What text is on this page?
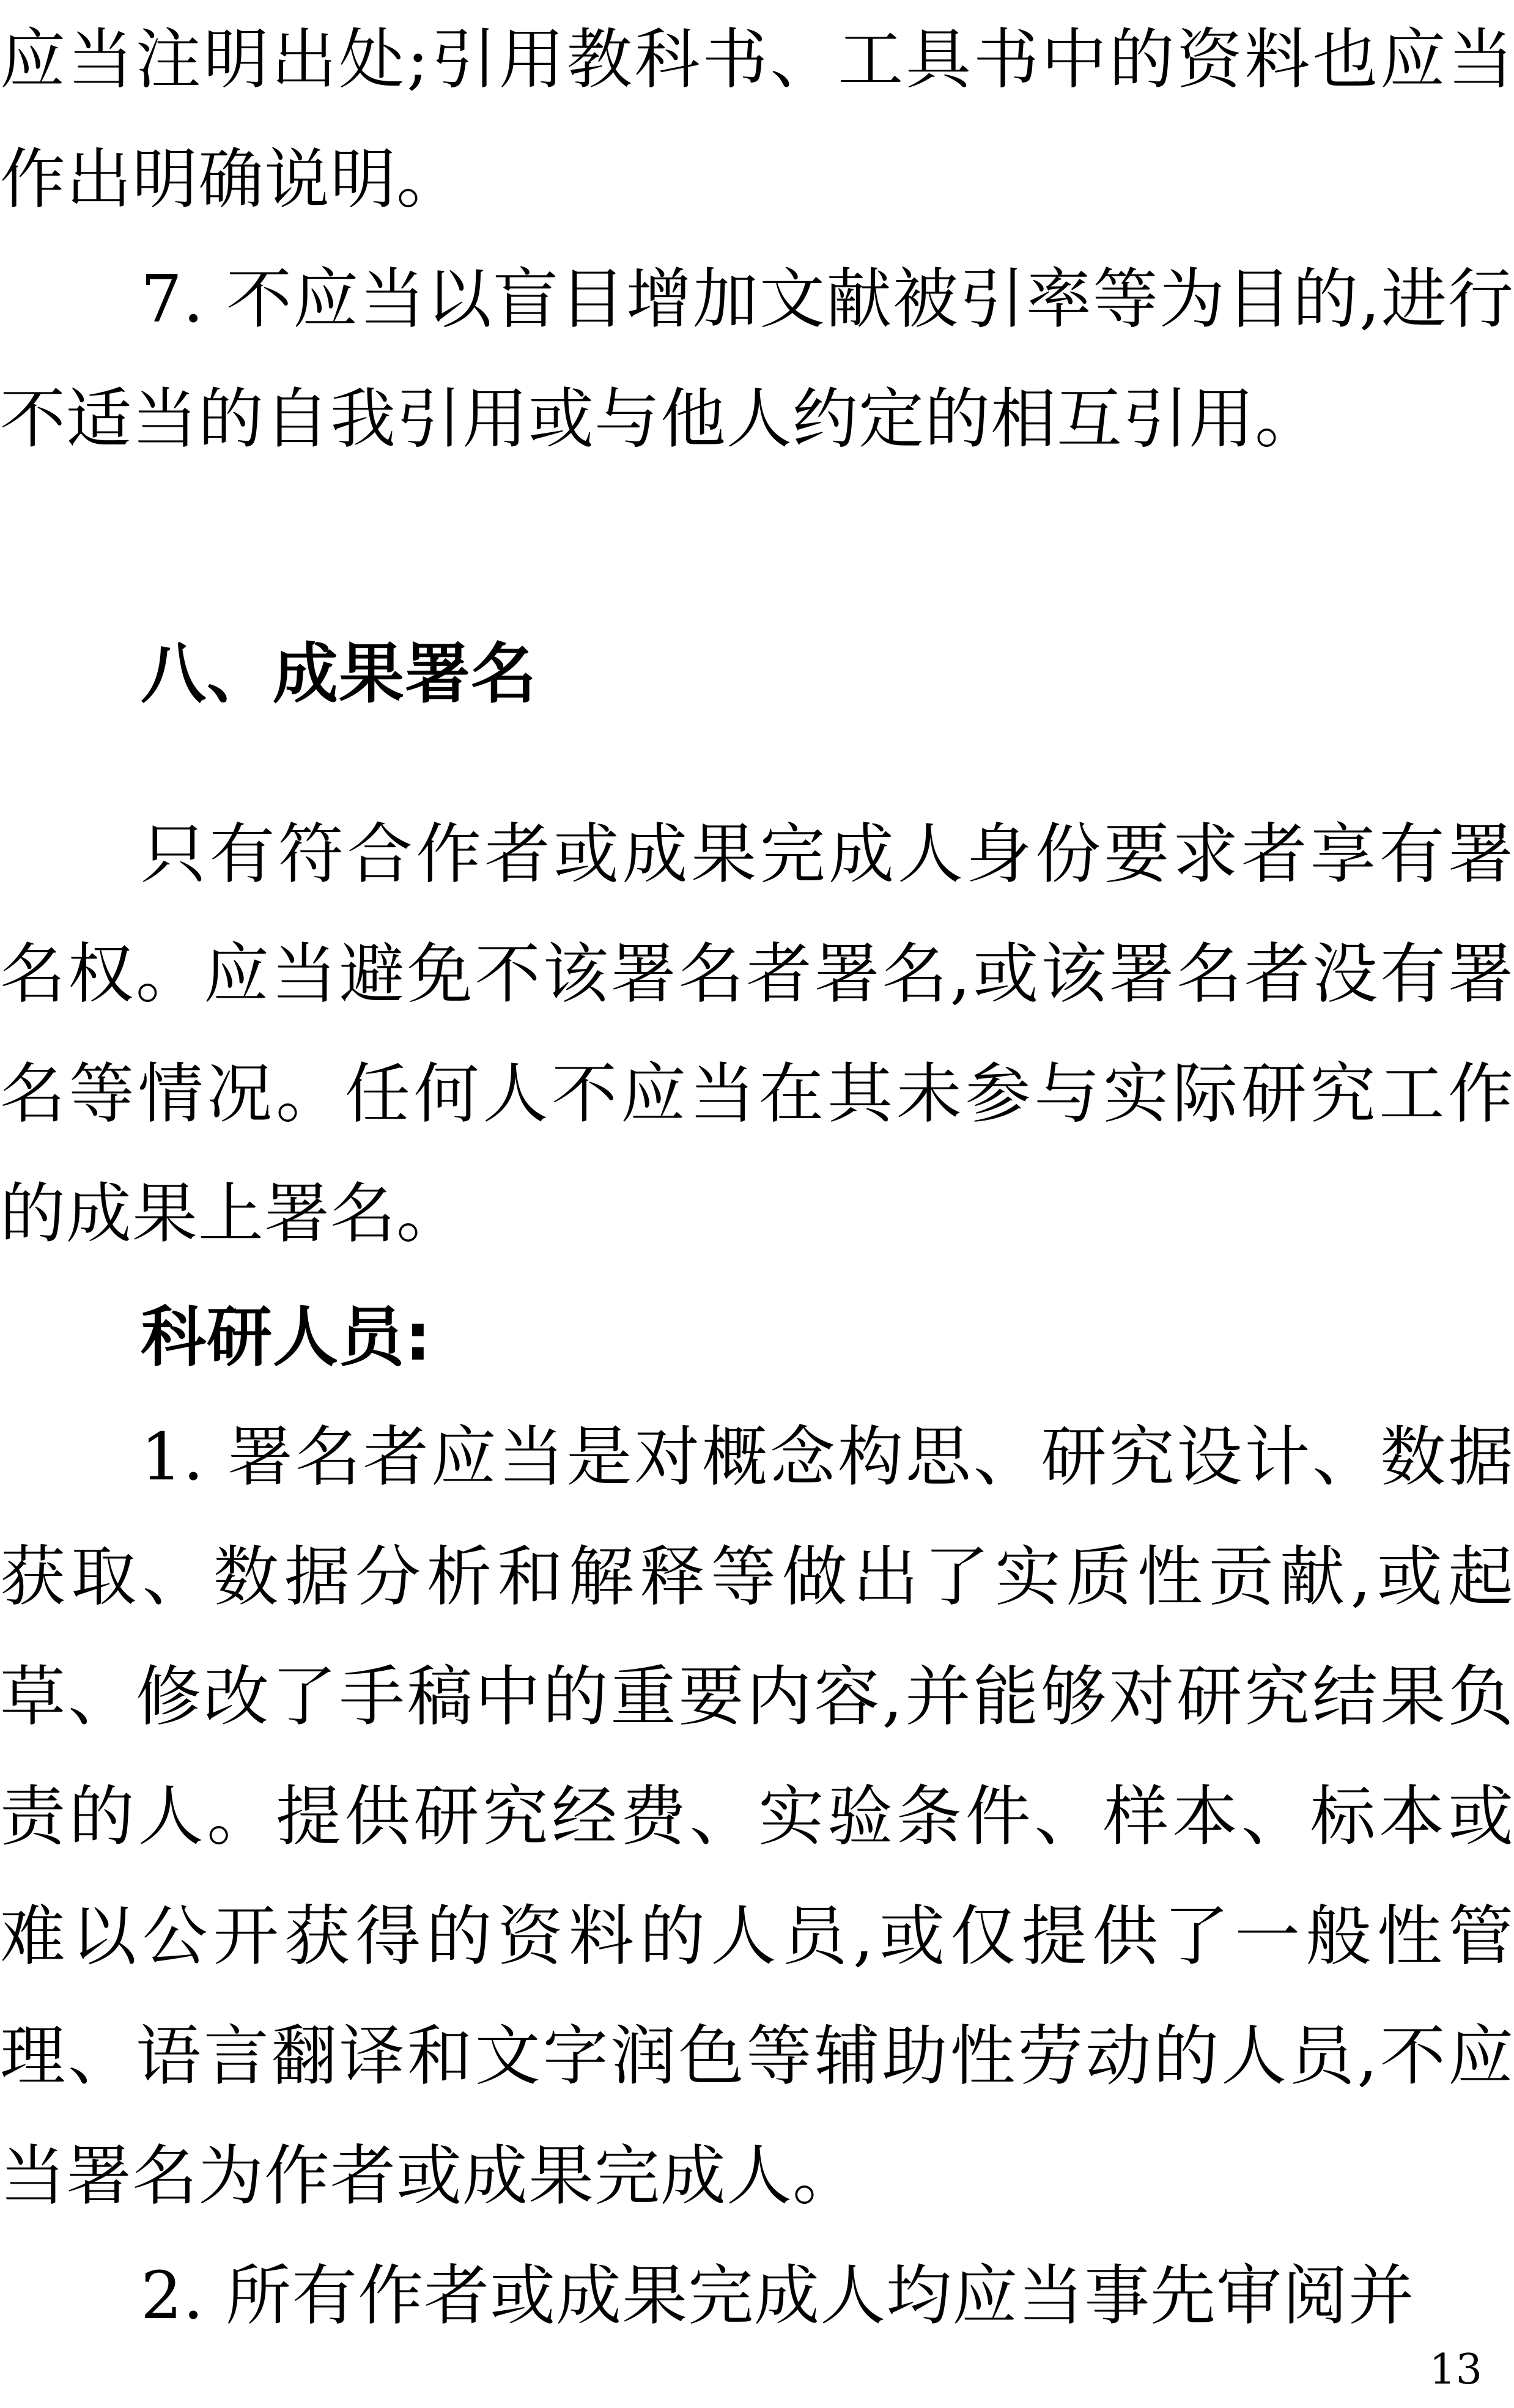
应当注明出处;引用教科书、工具书中的资料也应当作出明确说明。

7. 不应当以盲目增加文献被引率等为目的,进行不适当的自我引用或与他人约定的相互引用。

八、成果署名

只有符合作者或成果完成人身份要求者享有署名权。应当避免不该署名者署名,或该署名者没有署名等情况。任何人不应当在其未参与实际研究工作的成果上署名。

科研人员:

1. 署名者应当是对概念构思、研究设计、数据获取、数据分析和解释等做出了实质性贡献,或起草、修改了手稿中的重要内容,并能够对研究结果负责的人。提供研究经费、实验条件、样本、标本或难以公开获得的资料的人员,或仅提供了一般性管理、语言翻译和文字润色等辅助性劳动的人员,不应当署名为作者或成果完成人。

2. 所有作者或成果完成人均应当事先审阅并

13
